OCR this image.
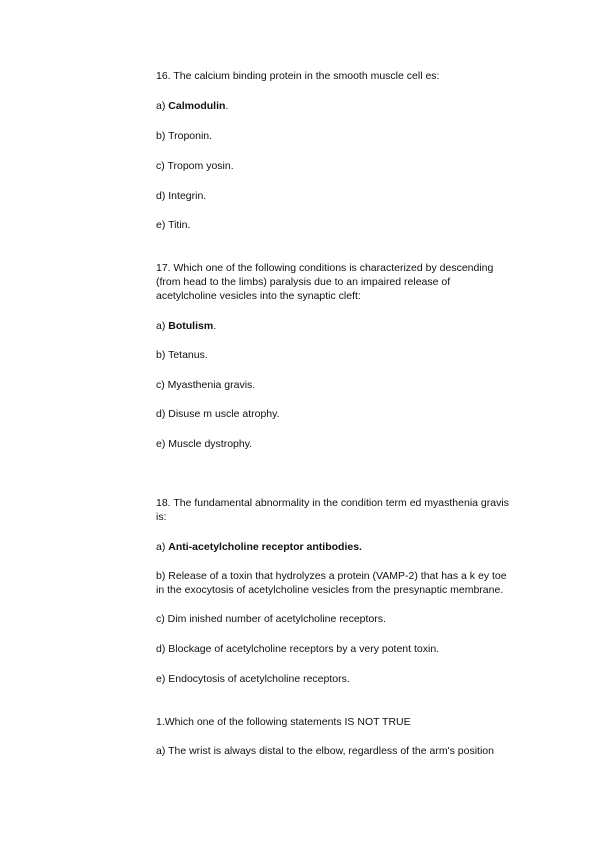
16. The calcium binding protein in the smooth muscle cell es:
a) Calmodulin.
b) Troponin.
c) Tropom yosin.
d) Integrin.
e) Titin.
17. Which one of the following conditions is characterized by descending
(from head to the limbs) paralysis due to an impaired release of
acetylcholine vesicles into the synaptic cleft:
a) Botulism.
b) Tetanus.
c) Myasthenia gravis.
d) Disuse m uscle atrophy.
e) Muscle dystrophy.
18. The fundamental abnormality in the condition term ed myasthenia gravis
is:
a) Anti-acetylcholine receptor antibodies.
b) Release of a toxin that hydrolyzes a protein (VAMP-2) that has a k ey toe
in the exocytosis of acetylcholine vesicles from the presynaptic membrane.
c) Dim inished number of acetylcholine receptors.
d) Blockage of acetylcholine receptors by a very potent toxin.
e) Endocytosis of acetylcholine receptors.
1.Which one of the following statements IS NOT TRUE
a) The wrist is always distal to the elbow, regardless of the arm's position
